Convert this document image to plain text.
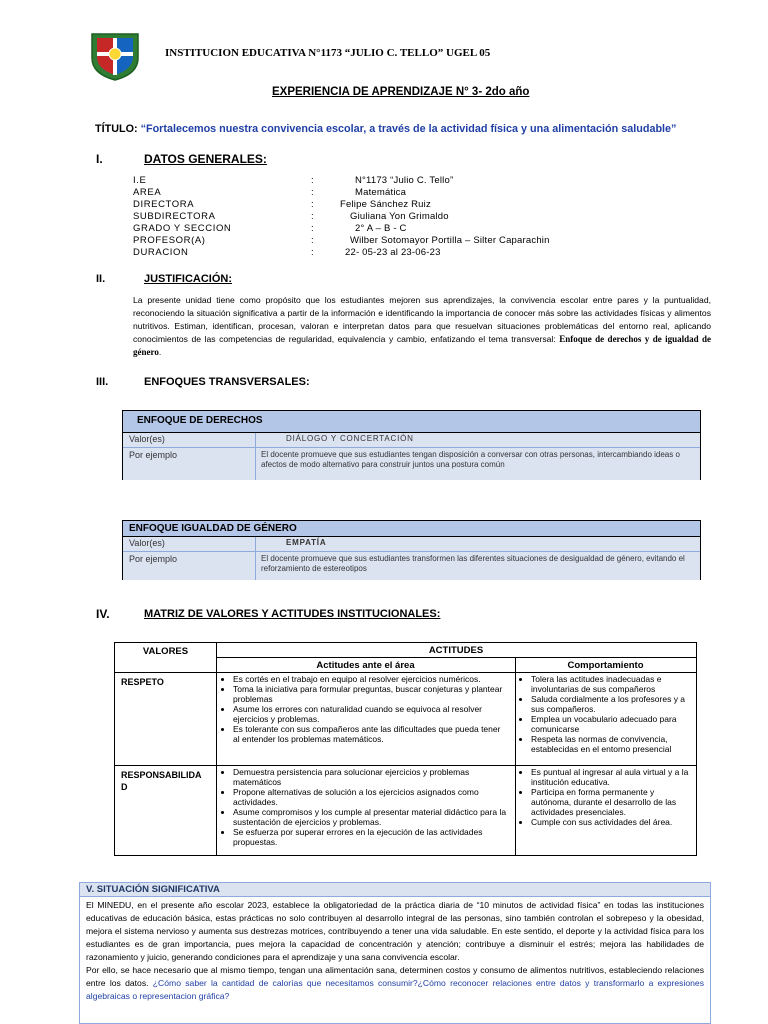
INSTITUCION EDUCATIVA N°1173 “JULIO C. TELLO” UGEL 05
EXPERIENCIA DE APRENDIZAJE N° 3- 2do año
TÍTULO: “Fortalecemos nuestra convivencia escolar, a través de la actividad física y una alimentación saludable”
I.	DATOS GENERALES:
I.E	:	N°1173 “Julio C. Tello”
AREA	:	Matemática
DIRECTORA	:	Felipe Sánchez Ruiz
SUBDIRECTORA	:	Giuliana Yon Grimaldo
GRADO Y SECCION	:	2° A – B - C
PROFESOR(A)	:	Wilber Sotomayor Portilla – Silter Caparachin
DURACION	:	22- 05-23 al 23-06-23
II.	JUSTIFICACIÓN:
La presente unidad tiene como propósito que los estudiantes mejoren sus aprendizajes, la convivencia escolar entre pares y la puntualidad, reconociendo la situación significativa a partir de la información e identificando la importancia de conocer más sobre las actividades físicas y alimentos nutritivos. Estiman, identifican, procesan, valoran e interpretan datos para que resuelvan situaciones problemáticas del entorno real, aplicando conocimientos de las competencias de regularidad, equivalencia y cambio, enfatizando el tema transversal: Enfoque de derechos y de igualdad de género.
III.	ENFOQUES TRANSVERSALES:
ENFOQUE DE DERECHOS
Valor(es)	DIÁLOGO Y CONCERTACIÓN
Por ejemplo	El docente promueve que sus estudiantes tengan disposición a conversar con otras personas, intercambiando ideas o afectos de modo alternativo para construir juntos una postura común
ENFOQUE IGUALDAD DE GÉNERO
Valor(es)	EMPATÍA
Por ejemplo	El docente promueve que sus estudiantes transformen las diferentes situaciones de desigualdad de género, evitando el reforzamiento de estereotipos
IV.	MATRIZ DE VALORES Y ACTITUDES INSTITUCIONALES:
VALORES	ACTITUDES
Actitudes ante el área	Comportamiento
RESPETO
•	Es cortés en el trabajo en equipo al resolver ejercicios numéricos.
• Toma la iniciativa para formular preguntas, buscar conjeturas y plantear problemas
• Asume los errores con naturalidad cuando se equivoca al resolver ejercicios y problemas.
• Es tolerante con sus compañeros ante las dificultades que pueda tener al entender los problemas matemáticos.
• Tolera las actitudes inadecuadas e involuntarias de sus compañeros
• Saluda cordialmente a los profesores y a sus compañeros.
• Emplea un vocabulario adecuado para comunicarse
• Respeta las normas de convivencia, establecidas en el entorno presencial
RESPONSABILIDA
D
• Demuestra persistencia para solucionar ejercicios y problemas matemáticos
• Propone alternativas de solución a los ejercicios asignados como actividades.
• Asume compromisos y los cumple al presentar material didáctico para la sustentación de ejercicios y problemas.
• Se esfuerza por superar errores en la ejecución de las actividades propuestas.
• Es puntual al ingresar al aula virtual y a la institución educativa.
• Participa en forma permanente y autónoma, durante el desarrollo de las actividades presenciales.
• Cumple con sus actividades del área.
V. SITUACIÓN SIGNIFICATIVA
El MINEDU, en el presente año escolar 2023, establece la obligatoriedad de la práctica diaria de “10 minutos de actividad física” en todas las instituciones educativas de educación básica, estas prácticas no solo contribuyen al desarrollo integral de las personas, sino también controlan el sobrepeso y la obesidad, mejora el sistema nervioso y aumenta sus destrezas motrices, contribuyendo a tener una vida saludable. En este sentido, el deporte y la actividad física para los estudiantes es de gran importancia, pues mejora la capacidad de concentración y atención; contribuye a disminuir el estrés; mejora las habilidades de razonamiento y juicio, generando condiciones para el aprendizaje y una sana convivencia escolar.
Por ello, se hace necesario que al mismo tiempo, tengan una alimentación sana, determinen costos y consumo de alimentos nutritivos, estableciendo relaciones entre los datos. ¿Cómo saber la cantidad de calorías que necesitamos consumir?¿Cómo reconocer relaciones entre datos y transformarlo a expresiones algebraicas o representacion gráfica?
